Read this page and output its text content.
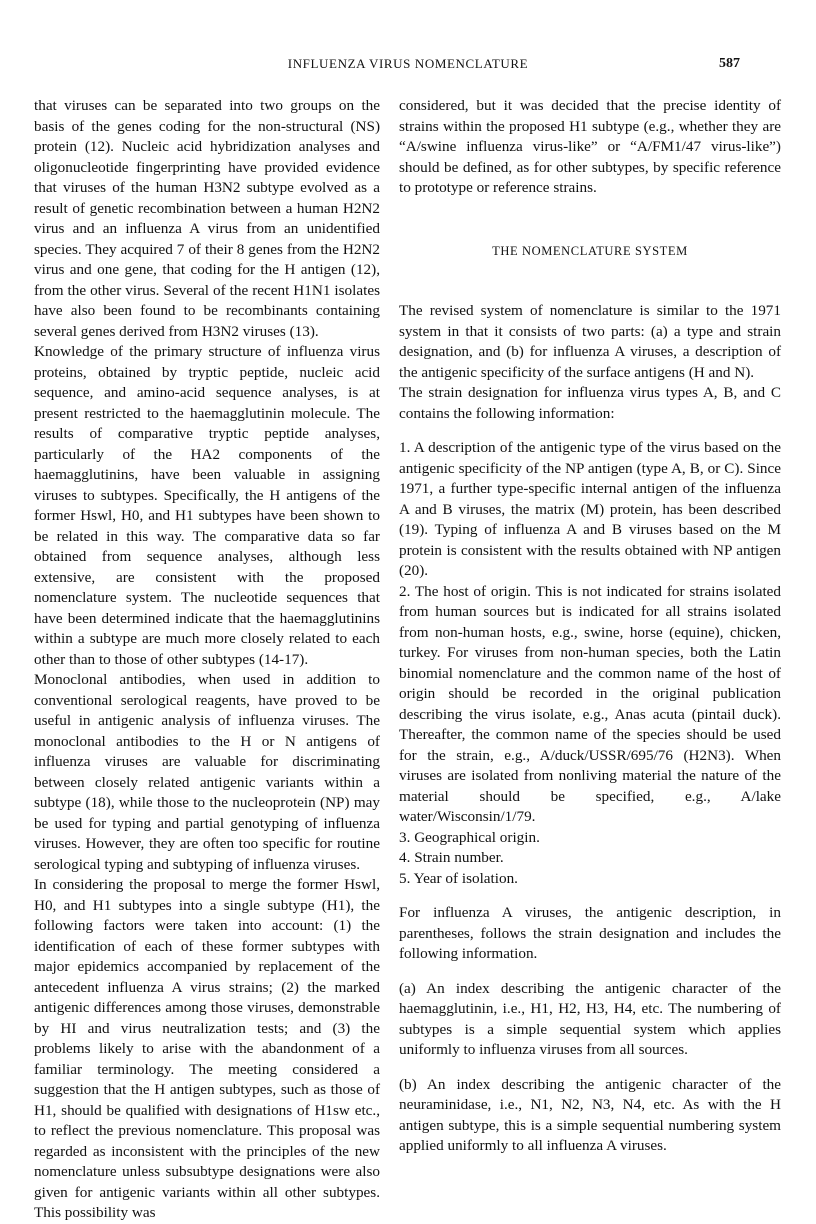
INFLUENZA VIRUS NOMENCLATURE	587

that viruses can be separated into two groups on the basis of the genes coding for the non-structural (NS) protein (12). Nucleic acid hybridization analyses and oligonucleotide fingerprinting have provided evidence that viruses of the human H3N2 subtype evolved as a result of genetic recombination between a human H2N2 virus and an influenza A virus from an unidentified species. They acquired 7 of their 8 genes from the H2N2 virus and one gene, that coding for the H antigen (12), from the other virus. Several of the recent H1N1 isolates have also been found to be recombinants containing several genes derived from H3N2 viruses (13).

Knowledge of the primary structure of influenza virus proteins, obtained by tryptic peptide, nucleic acid sequence, and amino-acid sequence analyses, is at present restricted to the haemagglutinin molecule. The results of comparative tryptic peptide analyses, particularly of the HA2 components of the haemagglutinins, have been valuable in assigning viruses to subtypes. Specifically, the H antigens of the former Hswl, H0, and H1 subtypes have been shown to be related in this way. The comparative data so far obtained from sequence analyses, although less extensive, are consistent with the proposed nomenclature system. The nucleotide sequences that have been determined indicate that the haemagglutinins within a subtype are much more closely related to each other than to those of other subtypes (14-17).

Monoclonal antibodies, when used in addition to conventional serological reagents, have proved to be useful in antigenic analysis of influenza viruses. The monoclonal antibodies to the H or N antigens of influenza viruses are valuable for discriminating between closely related antigenic variants within a subtype (18), while those to the nucleoprotein (NP) may be used for typing and partial genotyping of influenza viruses. However, they are often too specific for routine serological typing and subtyping of influenza viruses.

In considering the proposal to merge the former Hswl, H0, and H1 subtypes into a single subtype (H1), the following factors were taken into account: (1) the identification of each of these former subtypes with major epidemics accompanied by replacement of the antecedent influenza A virus strains; (2) the marked antigenic differences among those viruses, demonstrable by HI and virus neutralization tests; and (3) the problems likely to arise with the abandonment of a familiar terminology. The meeting considered a suggestion that the H antigen subtypes, such as those of H1, should be qualified with designations of H1sw etc., to reflect the previous nomenclature. This proposal was regarded as inconsistent with the principles of the new nomenclature unless subsubtype designations were also given for antigenic variants within all other subtypes. This possibility was

considered, but it was decided that the precise identity of strains within the proposed H1 subtype (e.g., whether they are “A/swine influenza virus-like” or “A/FM1/47 virus-like”) should be defined, as for other subtypes, by specific reference to prototype or reference strains.

THE NOMENCLATURE SYSTEM

The revised system of nomenclature is similar to the 1971 system in that it consists of two parts: (a) a type and strain designation, and (b) for influenza A viruses, a description of the antigenic specificity of the surface antigens (H and N).

The strain designation for influenza virus types A, B, and C contains the following information:

1. A description of the antigenic type of the virus based on the antigenic specificity of the NP antigen (type A, B, or C). Since 1971, a further type-specific internal antigen of the influenza A and B viruses, the matrix (M) protein, has been described (19). Typing of influenza A and B viruses based on the M protein is consistent with the results obtained with NP antigen (20).

2. The host of origin. This is not indicated for strains isolated from human sources but is indicated for all strains isolated from non-human hosts, e.g., swine, horse (equine), chicken, turkey. For viruses from non-human species, both the Latin binomial nomenclature and the common name of the host of origin should be recorded in the original publication describing the virus isolate, e.g., Anas acuta (pintail duck). Thereafter, the common name of the species should be used for the strain, e.g., A/duck/USSR/695/76 (H2N3). When viruses are isolated from nonliving material the nature of the material should be specified, e.g., A/lake water/Wisconsin/1/79.

3. Geographical origin.

4. Strain number.

5. Year of isolation.

For influenza A viruses, the antigenic description, in parentheses, follows the strain designation and includes the following information.

(a) An index describing the antigenic character of the haemagglutinin, i.e., H1, H2, H3, H4, etc. The numbering of subtypes is a simple sequential system which applies uniformly to influenza viruses from all sources.

(b) An index describing the antigenic character of the neuraminidase, i.e., N1, N2, N3, N4, etc. As with the H antigen subtype, this is a simple sequential numbering system applied uniformly to all influenza A viruses.
